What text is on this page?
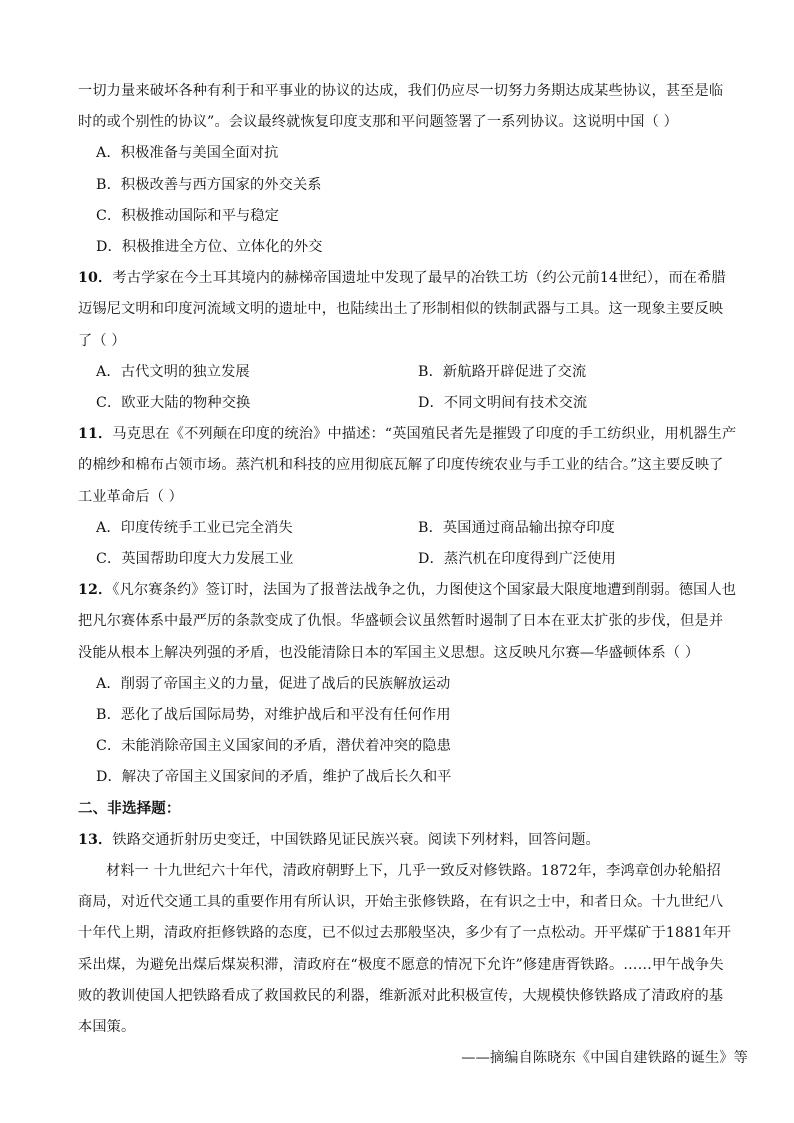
一切力量来破坏各种有利于和平事业的协议的达成，我们仍应尽一切努力务期达成某些协议，甚至是临
时的或个别性的协议”。会议最终就恢复印度支那和平问题签署了一系列协议。这说明中国（ ）
A．积极准备与美国全面对抗
B．积极改善与西方国家的外交关系
C．积极推动国际和平与稳定
D．积极推进全方位、立体化的外交
10．考古学家在今土耳其境内的赫梯帝国遗址中发现了最早的冶铁工坊（约公元前14世纪），而在希腊
迈锡尼文明和印度河流域文明的遗址中，也陆续出土了形制相似的铁制武器与工具。这一现象主要反映
了（ ）
A．古代文明的独立发展	B．新航路开辟促进了交流
C．欧亚大陆的物种交换	D．不同文明间有技术交流
11．马克思在《不列颠在印度的统治》中描述：“英国殖民者先是摧毁了印度的手工纺织业，用机器生产
的棉纱和棉布占领市场。蒸汽机和科技的应用彻底瓦解了印度传统农业与手工业的结合。”这主要反映了
工业革命后（ ）
A．印度传统手工业已完全消失	B．英国通过商品输出掠夺印度
C．英国帮助印度大力发展工业	D．蒸汽机在印度得到广泛使用
12．《凡尔赛条约》签订时，法国为了报普法战争之仇，力图使这个国家最大限度地遭到削弱。德国人也
把凡尔赛体系中最严厉的条款变成了仇恨。华盛顿会议虽然暂时遏制了日本在亚太扩张的步伐，但是并
没能从根本上解决列强的矛盾，也没能清除日本的军国主义思想。这反映凡尔赛—华盛顿体系（ ）
A．削弱了帝国主义的力量，促进了战后的民族解放运动
B．恶化了战后国际局势，对维护战后和平没有任何作用
C．未能消除帝国主义国家间的矛盾，潜伏着冲突的隐患
D．解决了帝国主义国家间的矛盾，维护了战后长久和平
二、非选择题：
13．铁路交通折射历史变迁，中国铁路见证民族兴衰。阅读下列材料，回答问题。
材料一 十九世纪六十年代，清政府朝野上下，几乎一致反对修铁路。1872年，李鸿章创办轮船招
商局，对近代交通工具的重要作用有所认识，开始主张修铁路，在有识之士中，和者日众。十九世纪八
十年代上期，清政府拒修铁路的态度，已不似过去那般坚决，多少有了一点松动。开平煤矿于1881年开
采出煤，为避免出煤后煤炭积滞，清政府在“极度不愿意的情况下允许”修建唐胥铁路。……甲午战争失
败的教训使国人把铁路看成了救国救民的利器，维新派对此积极宣传，大规模快修铁路成了清政府的基
本国策。
——摘编自陈晓东《中国自建铁路的诞生》等
